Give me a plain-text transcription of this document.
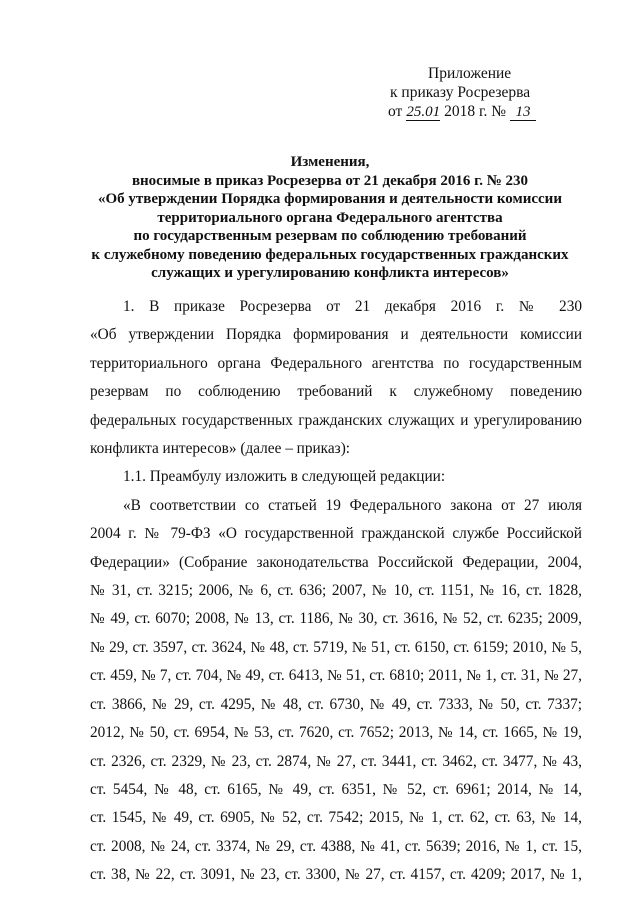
Приложение
к приказу Росрезерва
от 25.01 2018 г. № 13
Изменения,
вносимые в приказ Росрезерва от 21 декабря 2016 г. № 230
«Об утверждении Порядка формирования и деятельности комиссии
территориального органа Федерального агентства
по государственным резервам по соблюдению требований
к служебному поведению федеральных государственных гражданских
служащих и урегулированию конфликта интересов»
1. В приказе Росрезерва от 21 декабря 2016 г. № 230
«Об утверждении Порядка формирования и деятельности комиссии
территориального органа Федерального агентства по государственным
резервам по соблюдению требований к служебному поведению
федеральных государственных гражданских служащих и урегулированию
конфликта интересов» (далее – приказ):
1.1. Преамбулу изложить в следующей редакции:
«В соответствии со статьей 19 Федерального закона от 27 июля
2004 г. № 79-ФЗ «О государственной гражданской службе Российской
Федерации» (Собрание законодательства Российской Федерации, 2004,
№ 31, ст. 3215; 2006, № 6, ст. 636; 2007, № 10, ст. 1151, № 16, ст. 1828,
№ 49, ст. 6070; 2008, № 13, ст. 1186, № 30, ст. 3616, № 52, ст. 6235; 2009,
№ 29, ст. 3597, ст. 3624, № 48, ст. 5719, № 51, ст. 6150, ст. 6159; 2010, № 5,
ст. 459, № 7, ст. 704, № 49, ст. 6413, № 51, ст. 6810; 2011, № 1, ст. 31, № 27,
ст. 3866, № 29, ст. 4295, № 48, ст. 6730, № 49, ст. 7333, № 50, ст. 7337;
2012, № 50, ст. 6954, № 53, ст. 7620, ст. 7652; 2013, № 14, ст. 1665, № 19,
ст. 2326, ст. 2329, № 23, ст. 2874, № 27, ст. 3441, ст. 3462, ст. 3477, № 43,
ст. 5454, № 48, ст. 6165, № 49, ст. 6351, № 52, ст. 6961; 2014, № 14,
ст. 1545, № 49, ст. 6905, № 52, ст. 7542; 2015, № 1, ст. 62, ст. 63, № 14,
ст. 2008, № 24, ст. 3374, № 29, ст. 4388, № 41, ст. 5639; 2016, № 1, ст. 15,
ст. 38, № 22, ст. 3091, № 23, ст. 3300, № 27, ст. 4157, ст. 4209; 2017, № 1,
